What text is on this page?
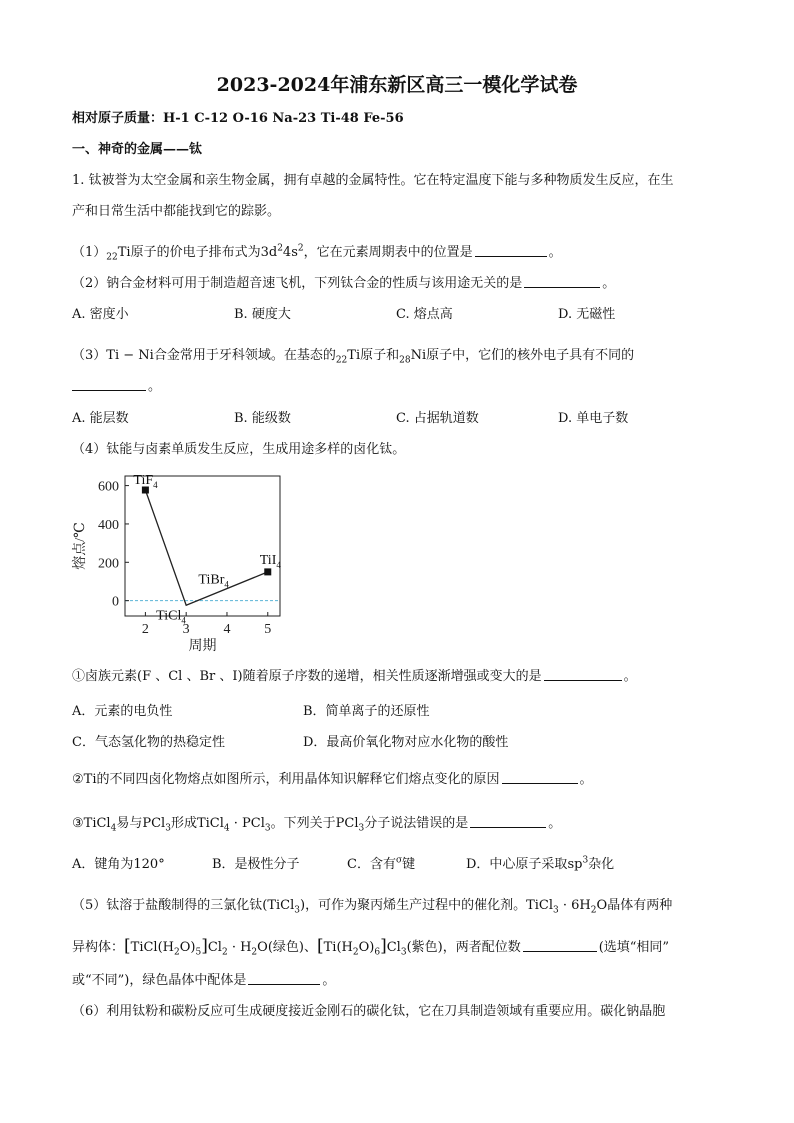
2023-2024年浦东新区高三一模化学试卷
相对原子质量：H-1 C-12 O-16 Na-23 Ti-48 Fe-56
一、神奇的金属——钛
1. 钛被誉为太空金属和亲生物金属，拥有卓越的金属特性。它在特定温度下能与多种物质发生反应，在生
产和日常生活中都能找到它的踪影。
$(1)_{22}Ti$原子的价电子排布式为$3d^24s^2$，它在元素周期表中的位置是	。
（2）钠合金材料可用于制造超音速飞机，下列钛合金的性质与该用途无关的是	。
A. 密度小	B. 硬度大	C. 熔点高	D. 无磁性
（3）Ti − Ni合金常用于牙科领域。在基态的$_{22}$Ti原子和$_{28}$Ni原子中，它们的核外电子具有不同的
。
A. 能层数	B. 能级数	C. 占据轨道数	D. 单电子数
（4）钛能与卤素单质发生反应，生成用途多样的卤化钛。
0
200
400
600
2 3 4 5
周期
熔点/℃
TiF$_4$
TiCl$_4$
TiI$_4$
TiBr$_4$
①卤族元素(F 、Cl 、Br 、I)随着原子序数的递增，相关性质逐渐增强或变大的是	。
A．元素的电负性	B．简单离子的还原性
C．气态氢化物的热稳定性	D．最高价氧化物对应水化物的酸性
②Ti的不同四卤化物熔点如图所示，利用晶体知识解释它们熔点变化的原因	。
③TiCl$_4$易与PCl$_3$形成TiCl$_4$ · PCl$_3$。下列关于PCl$_3$分子说法错误的是	。
A．键角为120°	B．是极性分子	C．含有$^\sigma$键	D．中心原子采取$sp^3$杂化
（5）钛溶于盐酸制得的三氯化钛(TiCl$_3$)，可作为聚丙烯生产过程中的催化剂。TiCl$_3$ · $6H_2O$晶体有两种
异构体：$[TiCl(H_2O)_5]Cl_2 \cdot H_2O$(绿色)、$[Ti(H_2O)_6]Cl_3$(紫色)，两者配位数	(选填“相同”
或“不同”)，绿色晶体中配体是	。
（6）利用钛粉和碳粉反应可生成硬度接近金刚石的碳化钛，它在刀具制造领域有重要应用。碳化钠晶胞
